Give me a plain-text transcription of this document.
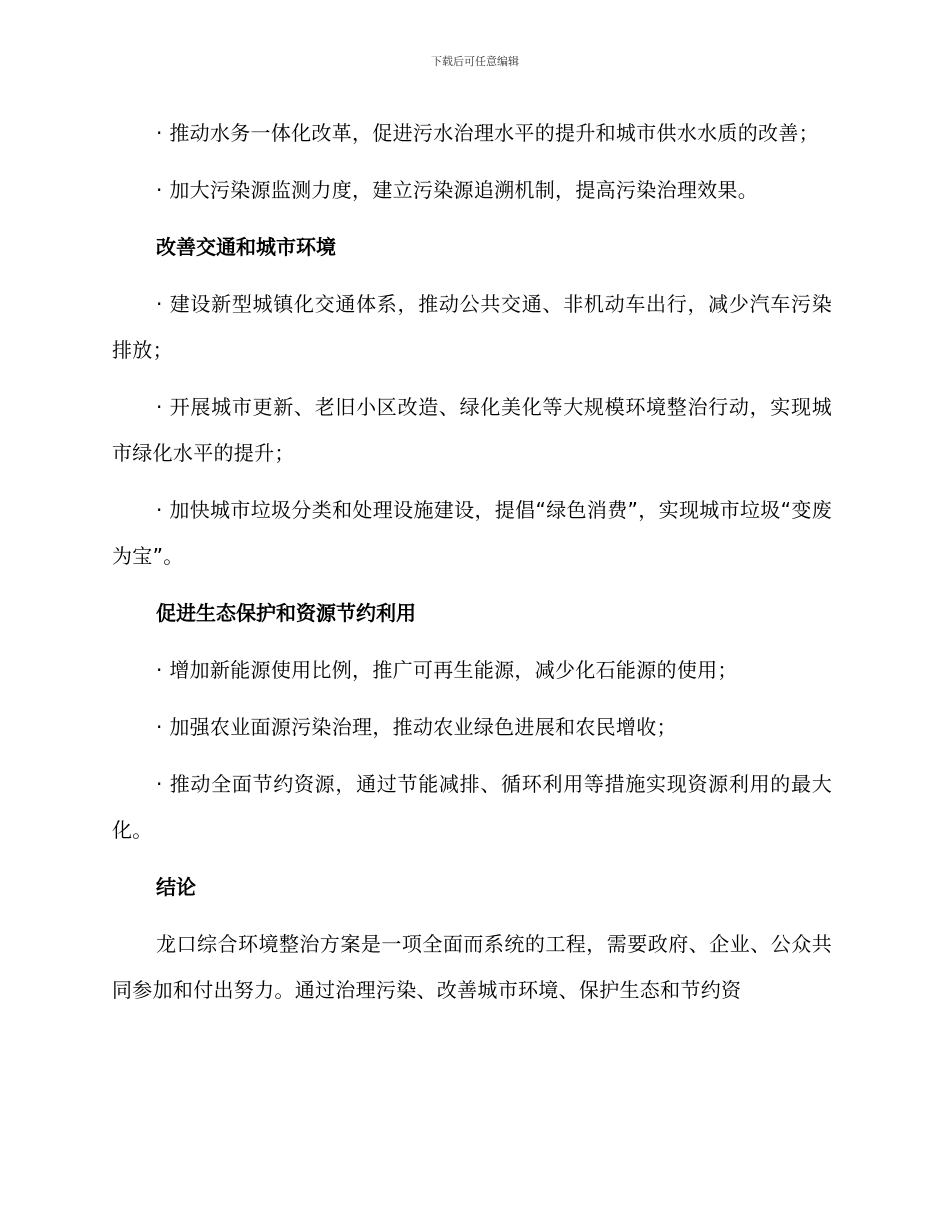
下载后可任意编辑

· 推动水务一体化改革，促进污水治理水平的提升和城市供水水质的改善；

· 加大污染源监测力度，建立污染源追溯机制，提高污染治理效果。

改善交通和城市环境

· 建设新型城镇化交通体系，推动公共交通、非机动车出行，减少汽车污染排放；

· 开展城市更新、老旧小区改造、绿化美化等大规模环境整治行动，实现城市绿化水平的提升；

· 加快城市垃圾分类和处理设施建设，提倡“绿色消费”，实现城市垃圾“变废为宝”。

促进生态保护和资源节约利用

· 增加新能源使用比例，推广可再生能源，减少化石能源的使用；

· 加强农业面源污染治理，推动农业绿色进展和农民增收；

· 推动全面节约资源，通过节能减排、循环利用等措施实现资源利用的最大化。

结论

龙口综合环境整治方案是一项全面而系统的工程，需要政府、企业、公众共同参加和付出努力。通过治理污染、改善城市环境、保护生态和节约资
